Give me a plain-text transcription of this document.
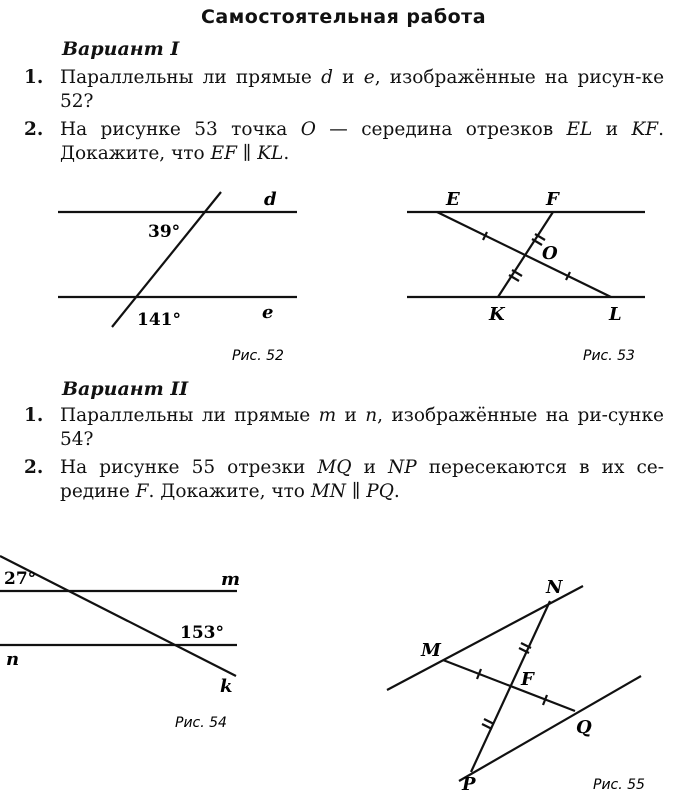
Самостоятельная работа
Вариант I
1. Параллельны ли прямые d и e, изображённые на рисун-ке 52?
2. На рисунке 53 точка O — середина отрезков EL и KF. Докажите, что EF ∥ KL.
Вариант II
1. Параллельны ли прямые m и n, изображённые на ри-сунке 54?
2. На рисунке 55 отрезки MQ и NP пересекаются в их се-редине F. Докажите, что MN ∥ PQ.
d
e
39°
141°
Рис. 52
E	F
O
K	L
Рис. 53
27°	m
153°
n
k
Рис. 54
N
M
F
Q
P	Рис. 55
